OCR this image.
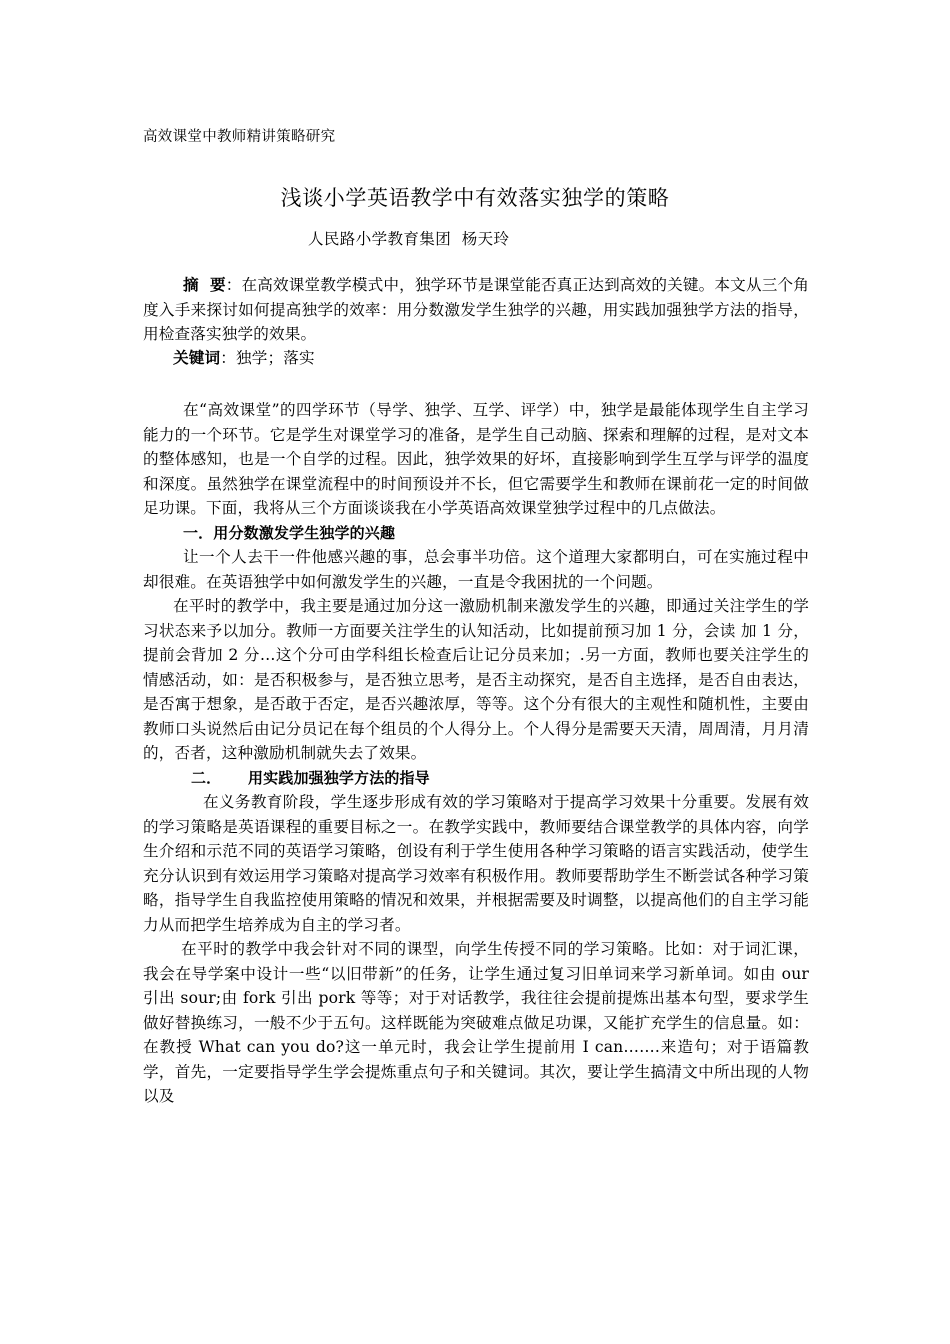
高效课堂中教师精讲策略研究
浅谈小学英语教学中有效落实独学的策略
人民路小学教育集团  杨天玲

摘  要：在高效课堂教学模式中，独学环节是课堂能否真正达到高效的关键。本文从三个角度入手来探讨如何提高独学的效率：用分数激发学生独学的兴趣，用实践加强独学方法的指导，用检查落实独学的效果。

关键词：独学；落实

在“高效课堂”的四学环节（导学、独学、互学、评学）中，独学是最能体现学生自主学习能力的一个环节。它是学生对课堂学习的准备，是学生自己动脑、探索和理解的过程，是对文本的整体感知，也是一个自学的过程。因此，独学效果的好坏，直接影响到学生互学与评学的温度和深度。虽然独学在课堂流程中的时间预设并不长，但它需要学生和教师在课前花一定的时间做足功课。下面，我将从三个方面谈谈我在小学英语高效课堂独学过程中的几点做法。

一．用分数激发学生独学的兴趣

让一个人去干一件他感兴趣的事，总会事半功倍。这个道理大家都明白，可在实施过程中却很难。在英语独学中如何激发学生的兴趣，一直是令我困扰的一个问题。

在平时的教学中，我主要是通过加分这一激励机制来激发学生的兴趣，即通过关注学生的学习状态来予以加分。教师一方面要关注学生的认知活动，比如提前预习加 1 分，会读 加 1 分，提前会背加 2 分…这个分可由学科组长检查后让记分员来加；.另一方面，教师也要关注学生的情感活动，如：是否积极参与，是否独立思考，是否主动探究，是否自主选择，是否自由表达，是否寓于想象，是否敢于否定，是否兴趣浓厚，等等。这个分有很大的主观性和随机性，主要由教师口头说然后由记分员记在每个组员的个人得分上。个人得分是需要天天清，周周清，月月清的，否者，这种激励机制就失去了效果。

二． 用实践加强独学方法的指导

在义务教育阶段，学生逐步形成有效的学习策略对于提高学习效果十分重要。发展有效的学习策略是英语课程的重要目标之一。在教学实践中，教师要结合课堂教学的具体内容，向学生介绍和示范不同的英语学习策略，创设有利于学生使用各种学习策略的语言实践活动，使学生充分认识到有效运用学习策略对提高学习效率有积极作用。教师要帮助学生不断尝试各种学习策略，指导学生自我监控使用策略的情况和效果，并根据需要及时调整，以提高他们的自主学习能力从而把学生培养成为自主的学习者。

在平时的教学中我会针对不同的课型，向学生传授不同的学习策略。比如：对于词汇课，我会在导学案中设计一些“以旧带新”的任务，让学生通过复习旧单词来学习新单词。如由 our 引出 sour;由 fork 引出 pork 等等；对于对话教学，我往往会提前提炼出基本句型，要求学生做好替换练习，一般不少于五句。这样既能为突破难点做足功课，又能扩充学生的信息量。如：在教授 What can you do?这一单元时，我会让学生提前用 I can…….来造句；对于语篇教学，首先，一定要指导学生学会提炼重点句子和关键词。其次，要让学生搞清文中所出现的人物以及
